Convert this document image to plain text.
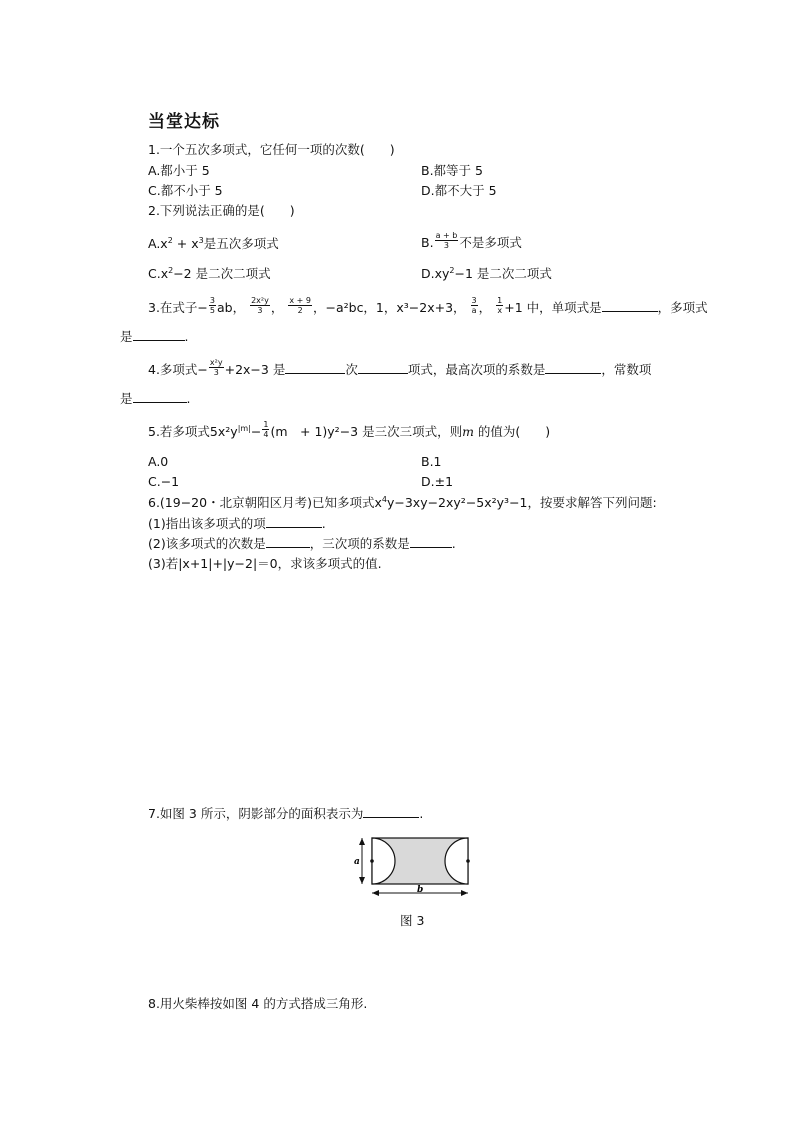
当堂达标
1.一个五次多项式，它任何一项的次数(　　)
A.都小于 5	B.都等于 5
C.都不小于 5	D.都不大于 5
2.下列说法正确的是(　　)
$A.x^2 + x^3$是五次多项式	B. $\frac{a + b}{3}$ 不是多项式
$C.x^2-2$ 是二次二项式	$D.xy^2-1$ 是二次二项式
3.在式子− $\frac{3}{5}$ ab， $\frac{\text{2x²y}}{3}$ ， $\frac{x + 9}{2}$ ，−a²bc，1，x³−2x+3， $\frac{3}{a}$ ， $\frac{1}{x} +1$ 中，单项式是	，多项式
是	.
4.多项式− $\frac{\text{x²y}}{3} +2x-3$ 是	次	项式，最高次项的系数是	，常数项
是	.
5.若多项式$5x^2y^{|m|}- \frac{1}{4} (m$　+ 1)y²−3 是三次三项式，则m 的值为(　　)
A.0	B.1
C.−1	D.±1
6.(19−20・北京朝阳区月考)已知多项式$x^4y-3xy-2xy^2-5x^2y^3-1$，按要求解答下列问题:
(1)指出该多项式的项	.
(2)该多项式的次数是	，三次项的系数是	.
(3)若|x+1|+|y−2|＝0，求该多项式的值.
7.如图 3 所示，阴影部分的面积表示为	.
a
b
图 3
8.用火柴棒按如图 4 的方式搭成三角形.
